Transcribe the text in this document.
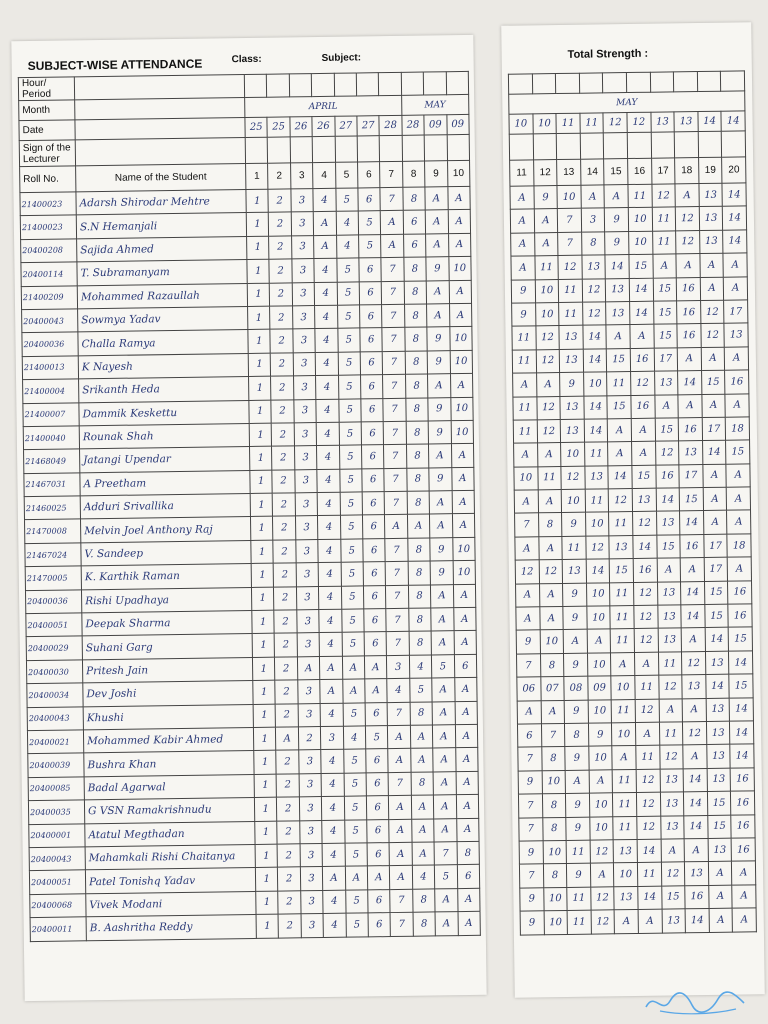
SUBJECT-WISE ATTENDANCE	Class:	Subject:
Hour/ Period											
Month		APRIL							MAY		
Date		25	25	26	26	27	27	28	28	09	09
Sign of the Lecturer											
Roll No.	Name of the Student	1	2	3	4	5	6	7	8	9	10
21400023	Adarsh Shirodar Mehtre	1	2	3	4	5	6	7	8	A	A
21400023	S.N Hemanjali	1	2	3	A	4	5	A	6	A	A
20400208	Sajida Ahmed	1	2	3	A	4	5	A	6	A	A
20400114	T. Subramanyam	1	2	3	4	5	6	7	8	9	10
21400209	Mohammed Razaullah	1	2	3	4	5	6	7	8	A	A
20400043	Sowmya Yadav	1	2	3	4	5	6	7	8	A	A
20400036	Challa Ramya	1	2	3	4	5	6	7	8	9	10
21400013	K Nayesh	1	2	3	4	5	6	7	8	9	10
21400004	Srikanth Heda	1	2	3	4	5	6	7	8	A	A
21400007	Dammik Keskettu	1	2	3	4	5	6	7	8	9	10
21400040	Rounak Shah	1	2	3	4	5	6	7	8	9	10
21468049	Jatangi Upendar	1	2	3	4	5	6	7	8	A	A
21467031	A Preetham	1	2	3	4	5	6	7	8	9	A
21460025	Adduri Srivallika	1	2	3	4	5	6	7	8	A	A
21470008	Melvin Joel Anthony Raj	1	2	3	4	5	6	A	A	A	A
21467024	V. Sandeep	1	2	3	4	5	6	7	8	9	10
21470005	K. Karthik Raman	1	2	3	4	5	6	7	8	9	10
20400036	Rishi Upadhaya	1	2	3	4	5	6	7	8	A	A
20400051	Deepak Sharma	1	2	3	4	5	6	7	8	A	A
20400029	Suhani Garg	1	2	3	4	5	6	7	8	A	A
20400030	Pritesh Jain	1	2	A	A	A	A	3	4	5	6
20400034	Dev Joshi	1	2	3	A	A	A	4	5	A	A
20400043	Khushi	1	2	3	4	5	6	7	8	A	A
20400021	Mohammed Kabir Ahmed	1	A	2	3	4	5	A	A	A	A
20400039	Bushra Khan	1	2	3	4	5	6	A	A	A	A
20400085	Badal Agarwal	1	2	3	4	5	6	7	8	A	A
20400035	G VSN Ramakrishnudu	1	2	3	4	5	6	A	A	A	A
20400001	Atatul Megthadan	1	2	3	4	5	6	A	A	A	A
20400043	Mahamkali Rishi Chaitanya	1	2	3	4	5	6	A	A	7	8
20400051	Patel Tonishq Yadav	1	2	3	A	A	A	A	4	5	6
20400068	Vivek Modani	1	2	3	4	5	6	7	8	A	A
20400011	B. Aashritha Reddy	1	2	3	4	5	6	7	8	A	A
Total Strength :

MAY									
10	10	11	11	12	12	13	13	14	14

11	12	13	14	15	16	17	18	19	20
A	9	10	A	A	11	12	A	13	14
A	A	7	3	9	10	11	12	13	14
A	A	7	8	9	10	11	12	13	14
A	11	12	13	14	15	A	A	A	A
9	10	11	12	13	14	15	16	A	A
9	10	11	12	13	14	15	16	12	17
11	12	13	14	A	A	15	16	12	13
11	12	13	14	15	16	17	A	A	A
A	A	9	10	11	12	13	14	15	16
11	12	13	14	15	16	A	A	A	A
11	12	13	14	A	A	15	16	17	18
A	A	10	11	A	A	12	13	14	15
10	11	12	13	14	15	16	17	A	A
A	A	10	11	12	13	14	15	A	A
7	8	9	10	11	12	13	14	A	A
A	A	11	12	13	14	15	16	17	18
12	12	13	14	15	16	A	A	17	A
A	A	9	10	11	12	13	14	15	16
A	A	9	10	11	12	13	14	15	16
9	10	A	A	11	12	13	A	14	15
7	8	9	10	A	A	11	12	13	14
06	07	08	09	10	11	12	13	14	15
A	A	9	10	11	12	A	A	13	14
6	7	8	9	10	A	11	12	13	14
7	8	9	10	A	11	12	A	13	14
9	10	A	A	11	12	13	14	13	16
7	8	9	10	11	12	13	14	15	16
7	8	9	10	11	12	13	14	15	16
9	10	11	12	13	14	A	A	13	16
7	8	9	A	10	11	12	13	A	A
9	10	11	12	13	14	15	16	A	A
9	10	11	12	A	A	13	14	A	A
